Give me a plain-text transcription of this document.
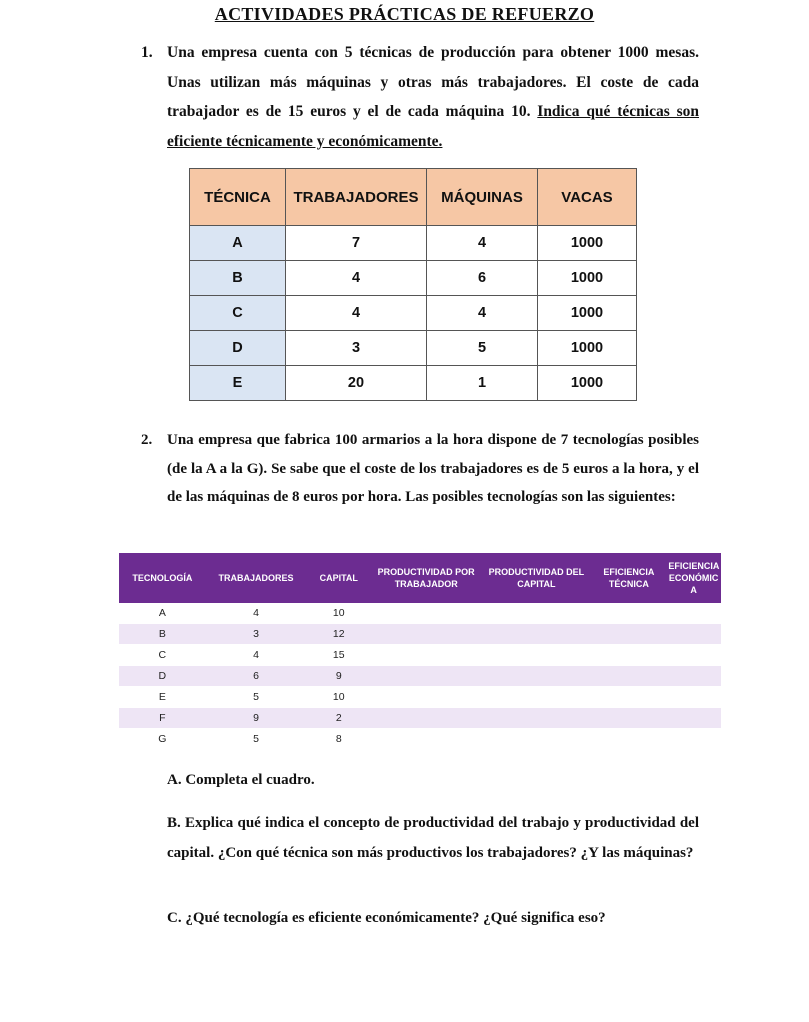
ACTIVIDADES PRÁCTICAS DE REFUERZO
1. Una empresa cuenta con 5 técnicas de producción para obtener 1000 mesas. Unas utilizan más máquinas y otras más trabajadores. El coste de cada trabajador es de 15 euros y el de cada máquina 10. Indica qué técnicas son eficiente técnicamente y económicamente.

TÉCNICA	TRABAJADORES	MÁQUINAS	VACAS
A	7	4	1000
B	4	6	1000
C	4	4	1000
D	3	5	1000
E	20	1	1000
2. Una empresa que fabrica 100 armarios a la hora dispone de 7 tecnologías posibles (de la A a la G). Se sabe que el coste de los trabajadores es de 5 euros a la hora, y el de las máquinas de 8 euros por hora. Las posibles tecnologías son las siguientes:

TECNOLOGÍA	TRABAJADORES	CAPITAL	PRODUCTIVIDAD POR TRABAJADOR	PRODUCTIVIDAD DEL CAPITAL	EFICIENCIA TÉCNICA	EFICIENCIA ECONÓMIC A
A	4	10				
B	3	12				
C	4	15				
D	6	9				
E	5	10				
F	9	2				
G	5	8				

A. Completa el cuadro.

B. Explica qué indica el concepto de productividad del trabajo y productividad del capital. ¿Con qué técnica son más productivos los trabajadores? ¿Y las máquinas?

C. ¿Qué tecnología es eficiente económicamente? ¿Qué significa eso?
